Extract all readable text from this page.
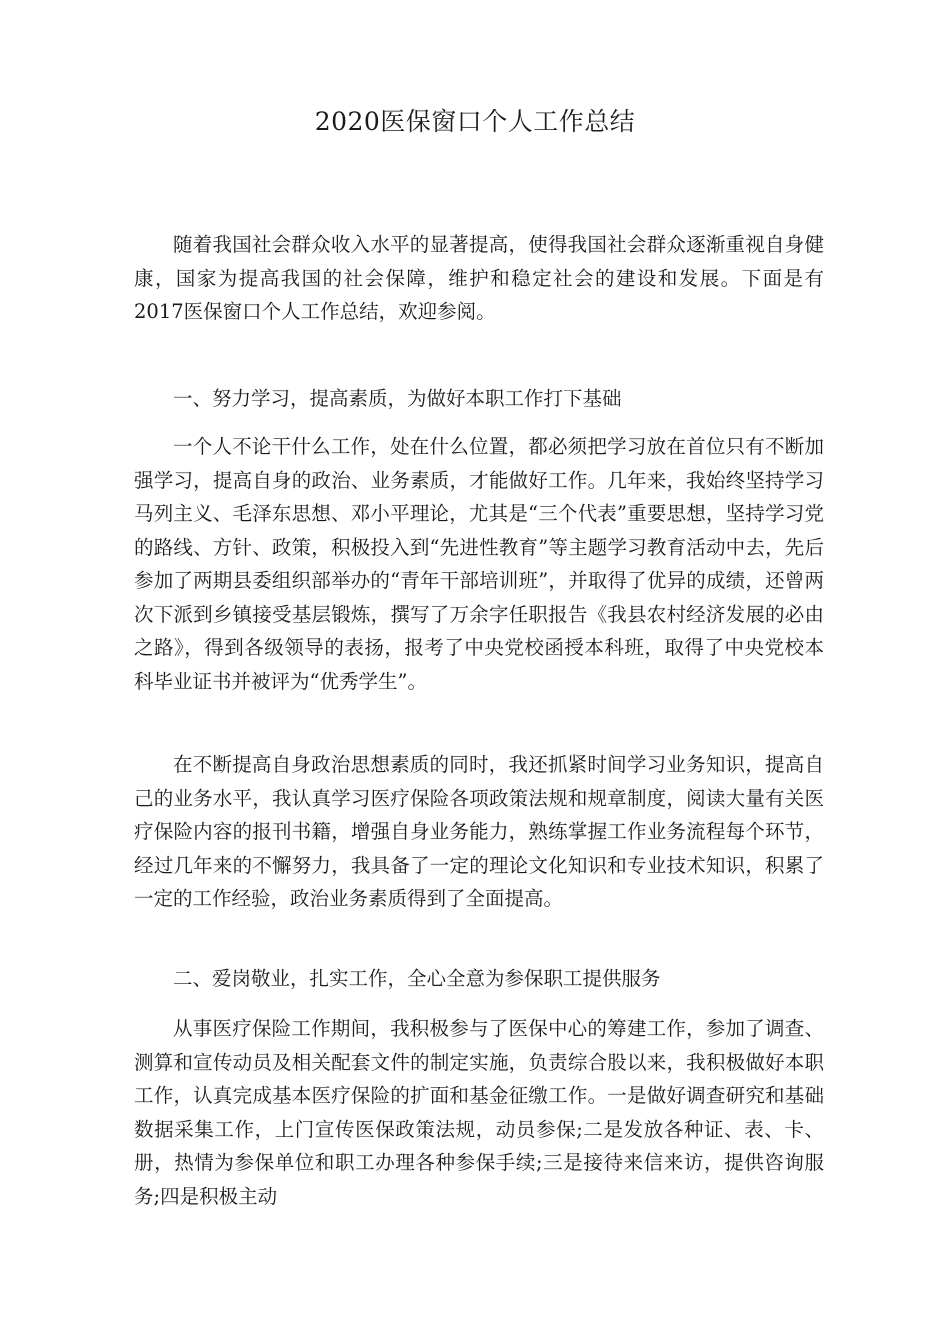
2020医保窗口个人工作总结

随着我国社会群众收入水平的显著提高，使得我国社会群众逐渐重视自身健康，国家为提高我国的社会保障，维护和稳定社会的建设和发展。下面是有2017医保窗口个人工作总结，欢迎参阅。

一、努力学习，提高素质，为做好本职工作打下基础

一个人不论干什么工作，处在什么位置，都必须把学习放在首位只有不断加强学习，提高自身的政治、业务素质，才能做好工作。几年来，我始终坚持学习马列主义、毛泽东思想、邓小平理论，尤其是“三个代表”重要思想，坚持学习党的路线、方针、政策，积极投入到“先进性教育”等主题学习教育活动中去，先后参加了两期县委组织部举办的“青年干部培训班”，并取得了优异的成绩，还曾两次下派到乡镇接受基层锻炼，撰写了万余字任职报告《我县农村经济发展的必由之路》，得到各级领导的表扬，报考了中央党校函授本科班，取得了中央党校本科毕业证书并被评为“优秀学生”。

在不断提高自身政治思想素质的同时，我还抓紧时间学习业务知识，提高自己的业务水平，我认真学习医疗保险各项政策法规和规章制度，阅读大量有关医疗保险内容的报刊书籍，增强自身业务能力，熟练掌握工作业务流程每个环节，经过几年来的不懈努力，我具备了一定的理论文化知识和专业技术知识，积累了一定的工作经验，政治业务素质得到了全面提高。

二、爱岗敬业，扎实工作，全心全意为参保职工提供服务

从事医疗保险工作期间，我积极参与了医保中心的筹建工作，参加了调查、测算和宣传动员及相关配套文件的制定实施，负责综合股以来，我积极做好本职工作，认真完成基本医疗保险的扩面和基金征缴工作。一是做好调查研究和基础数据采集工作，上门宣传医保政策法规，动员参保;二是发放各种证、表、卡、册，热情为参保单位和职工办理各种参保手续;三是接待来信来访，提供咨询服务;四是积极主动
